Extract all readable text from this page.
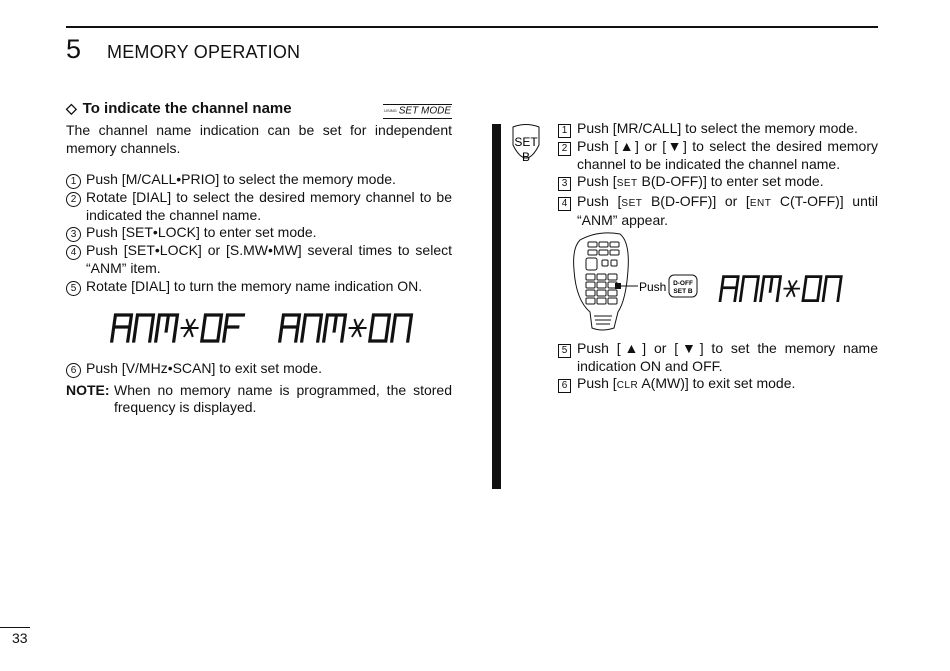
5 MEMORY OPERATION
◇ To indicate the channel name	USING SET MODE

The channel name indication can be set for independent memory channels.

1 Push [M/CALL•PRIO] to select the memory mode.
2 Rotate [DIAL] to select the desired memory channel to be indicated the channel name.
3 Push [SET•LOCK] to enter set mode.
4 Push [SET•LOCK] or [S.MW•MW] several times to select “ANM” item.
5 Rotate [DIAL] to turn the memory name indication ON.
ANM OF	ANM ON
6 Push [V/MHz•SCAN] to exit set mode.
NOTE: When no memory name is programmed, the stored frequency is displayed.
SET
B
1 Push [MR/CALL] to select the memory mode.
2 Push [▲] or [▼] to select the desired memory channel to be indicated the channel name.
3 Push [SET B(D-OFF)] to enter set mode.
4 Push [SET B(D-OFF)] or [ENT C(T-OFF)] until “ANM” appear.
Push D-OFF
SET B
ANM ON
5 Push [▲] or [▼] to set the memory name indication ON and OFF.
6 Push [CLR A(MW)] to exit set mode.
33
